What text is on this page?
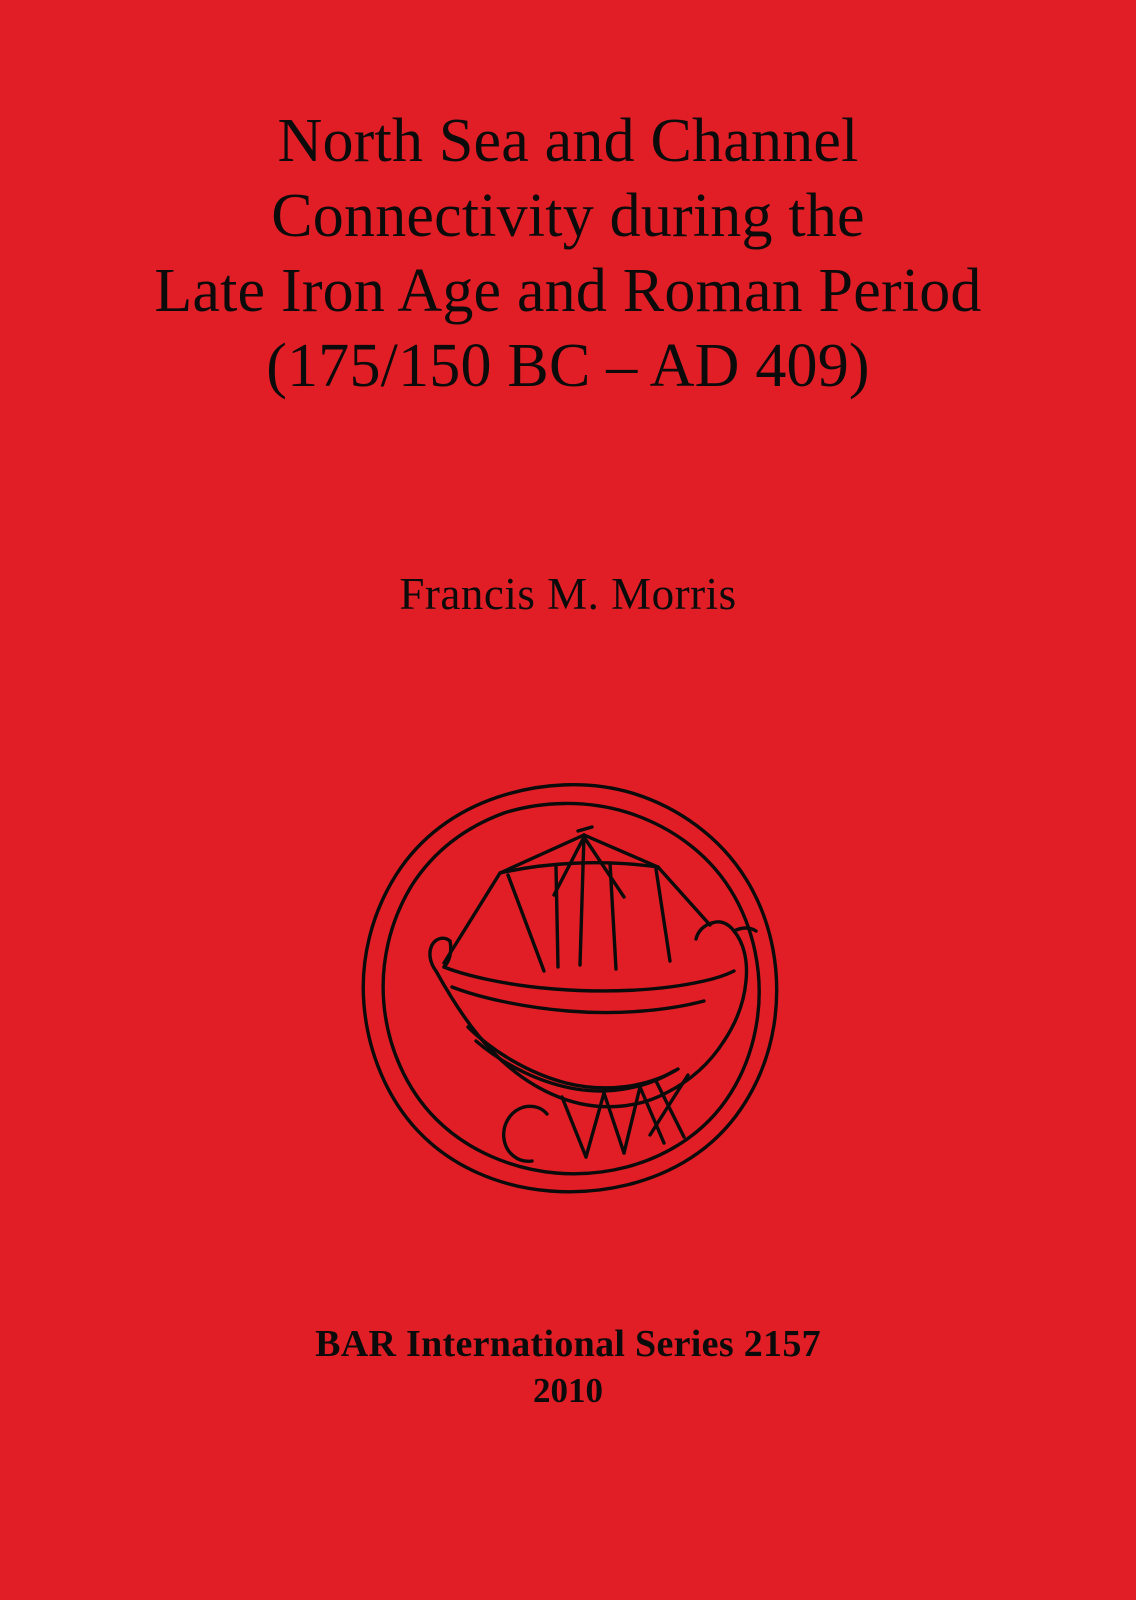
North Sea and Channel
Connectivity during the
Late Iron Age and Roman Period
(175/150 BC – AD 409)
Francis M. Morris
BAR International Series 2157
2010
